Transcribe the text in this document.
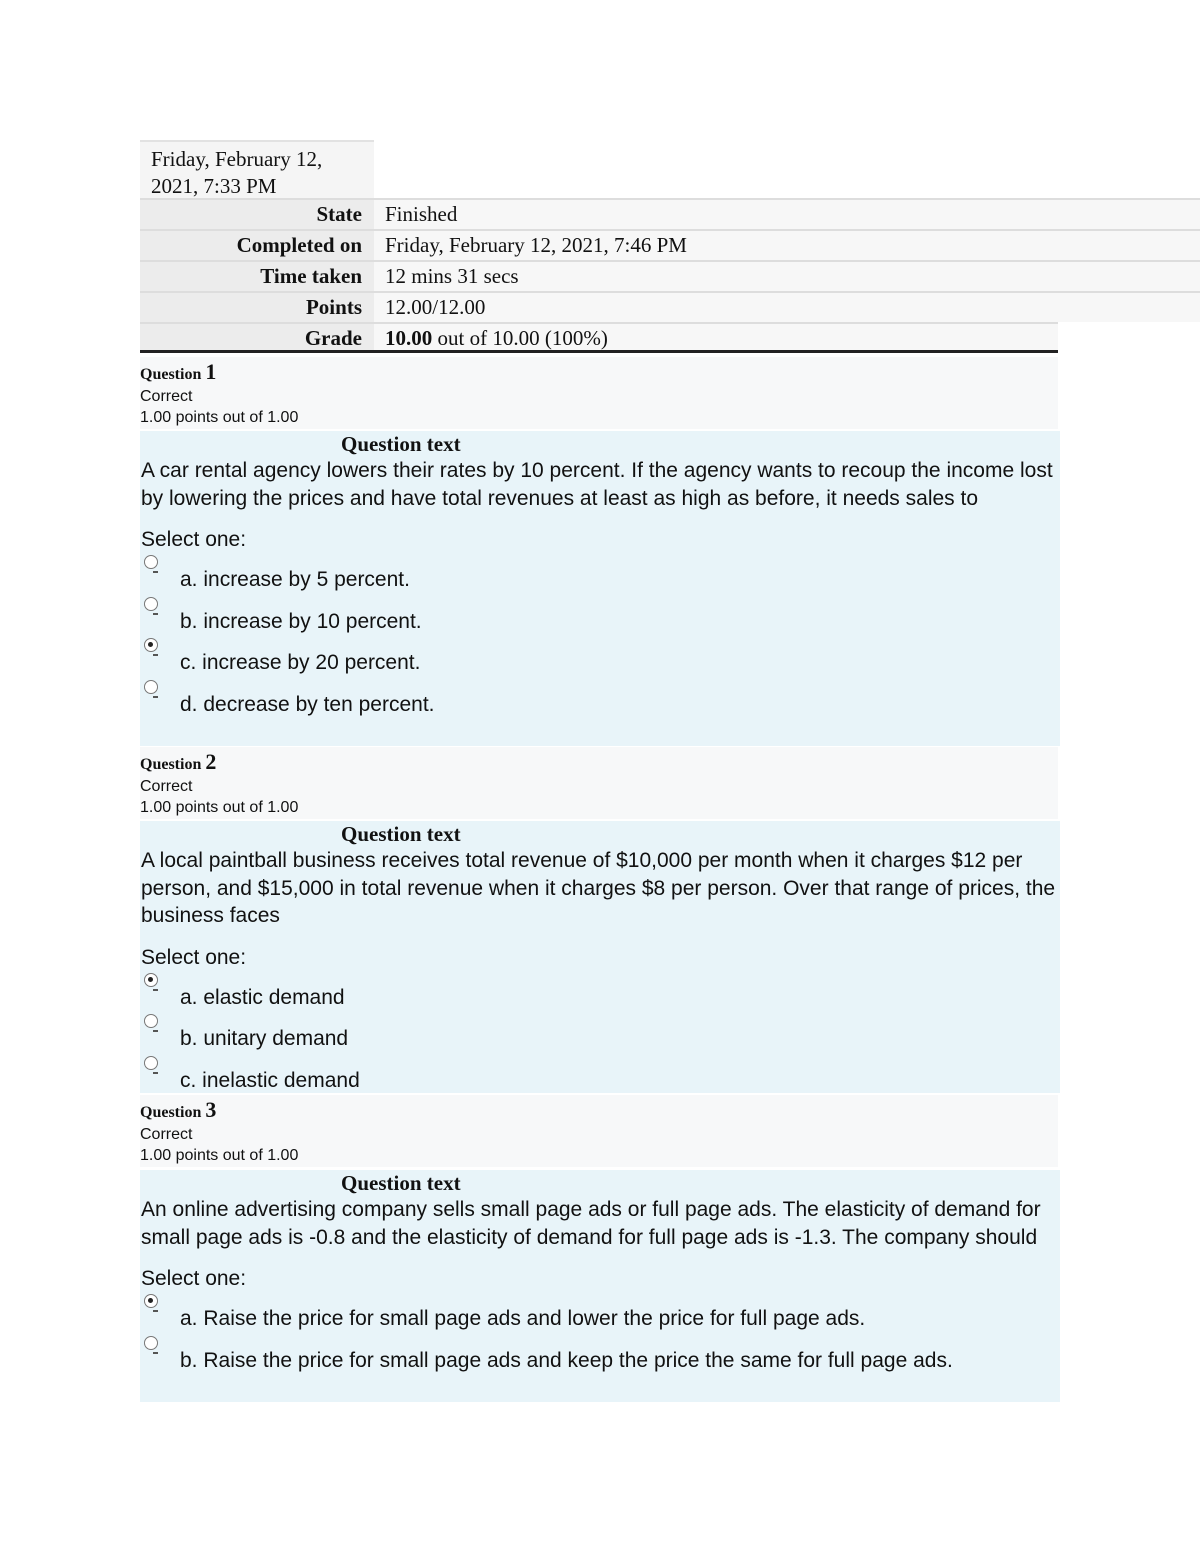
Friday, February 12, 2021, 7:33 PM
State	Finished
Completed on	Friday, February 12, 2021, 7:46 PM
Time taken	12 mins 31 secs
Points	12.00/12.00
Grade	10.00 out of 10.00 (100%)
Question 1
Correct
1.00 points out of 1.00
Question text
A car rental agency lowers their rates by 10 percent. If the agency wants to recoup the income lost by lowering the prices and have total revenues at least as high as before, it needs sales to
Select one:
a. increase by 5 percent.
b. increase by 10 percent.
c. increase by 20 percent.
d. decrease by ten percent.
Question 2
Correct
1.00 points out of 1.00
Question text
A local paintball business receives total revenue of $10,000 per month when it charges $12 per person, and $15,000 in total revenue when it charges $8 per person. Over that range of prices, the business faces
Select one:
a. elastic demand
b. unitary demand
c. inelastic demand
Question 3
Correct
1.00 points out of 1.00
Question text
An online advertising company sells small page ads or full page ads. The elasticity of demand for small page ads is -0.8 and the elasticity of demand for full page ads is -1.3. The company should
Select one:
a. Raise the price for small page ads and lower the price for full page ads.
b. Raise the price for small page ads and keep the price the same for full page ads.
